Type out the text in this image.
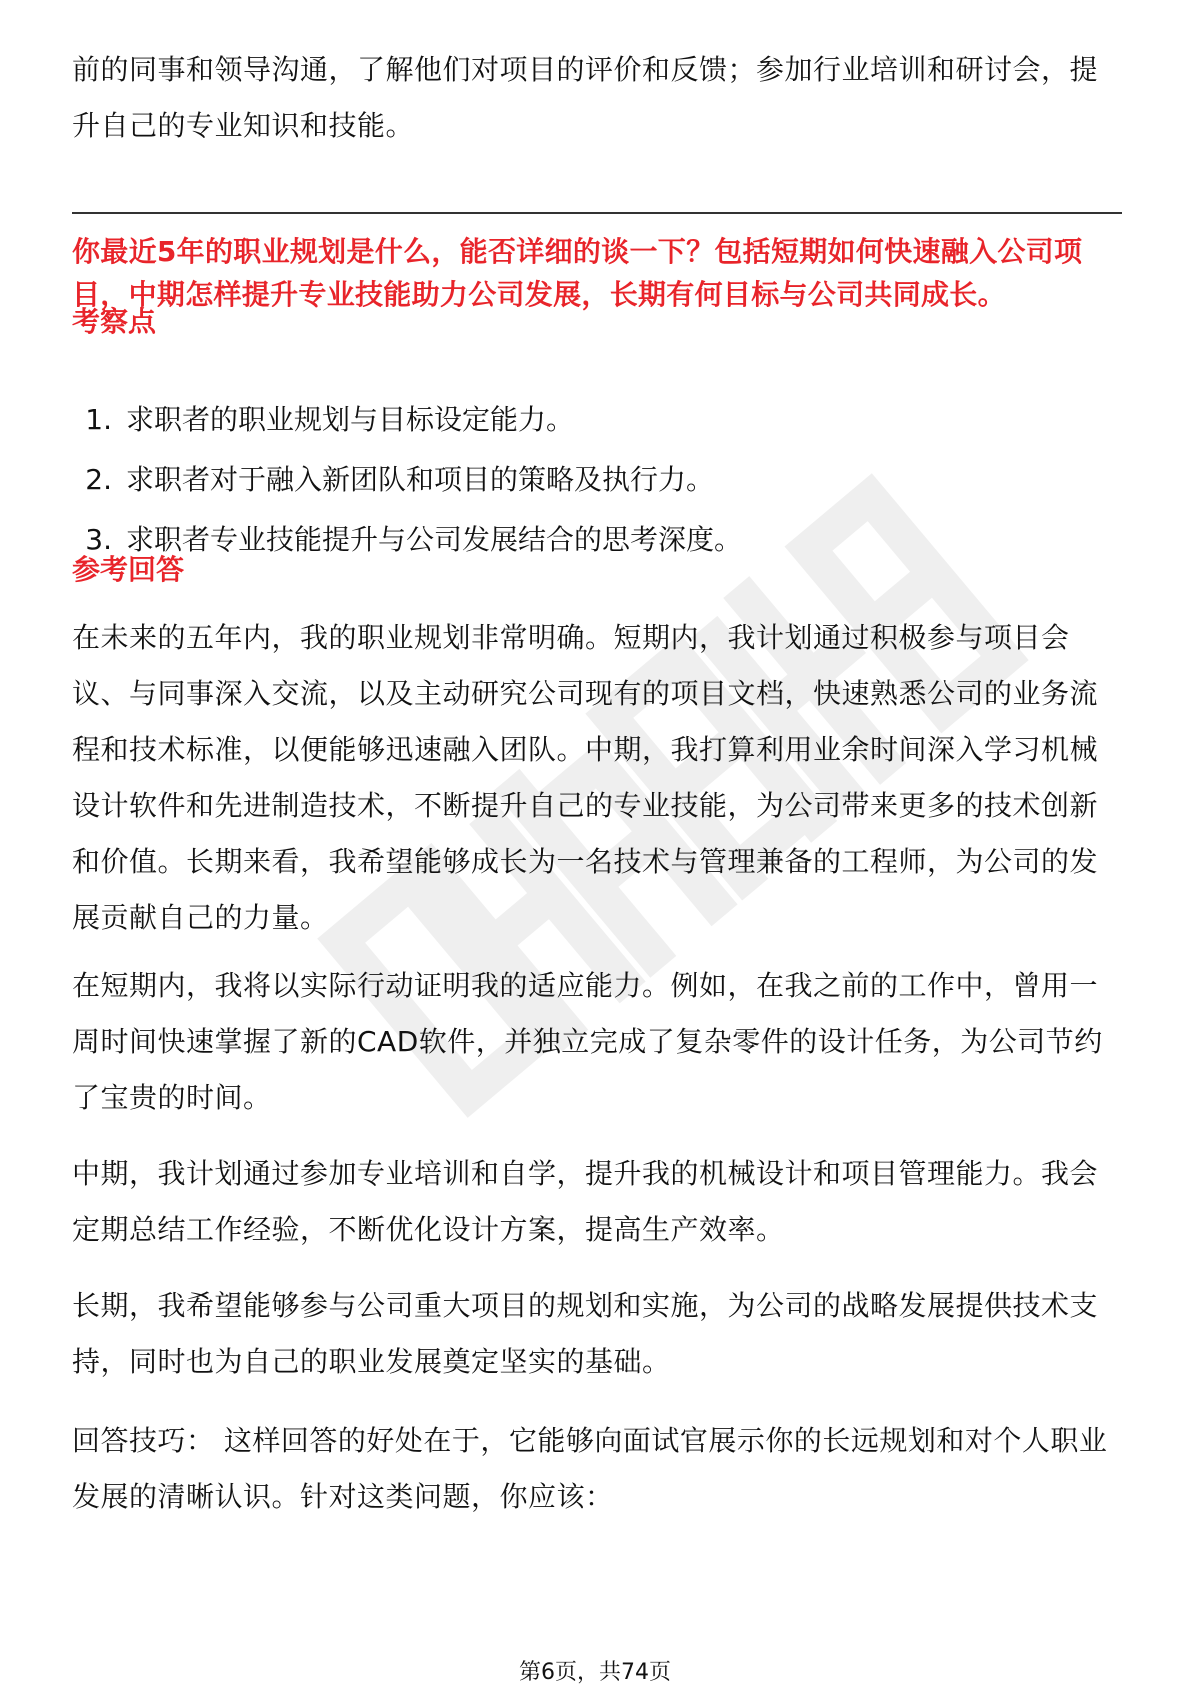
前的同事和领导沟通，了解他们对项目的评价和反馈；参加行业培训和研讨会，提升自己的专业知识和技能。

你最近5年的职业规划是什么，能否详细的谈一下？包括短期如何快速融入公司项目，中期怎样提升专业技能助力公司发展，长期有何目标与公司共同成长。

考察点
1. 求职者的职业规划与目标设定能力。
2. 求职者对于融入新团队和项目的策略及执行力。
3. 求职者专业技能提升与公司发展结合的思考深度。
参考回答

在未来的五年内，我的职业规划非常明确。短期内，我计划通过积极参与项目会议、与同事深入交流，以及主动研究公司现有的项目文档，快速熟悉公司的业务流程和技术标准，以便能够迅速融入团队。中期，我打算利用业余时间深入学习机械设计软件和先进制造技术，不断提升自己的专业技能，为公司带来更多的技术创新和价值。长期来看，我希望能够成长为一名技术与管理兼备的工程师，为公司的发展贡献自己的力量。

在短期内，我将以实际行动证明我的适应能力。例如，在我之前的工作中，曾用一周时间快速掌握了新的CAD软件，并独立完成了复杂零件的设计任务，为公司节约了宝贵的时间。

中期，我计划通过参加专业培训和自学，提升我的机械设计和项目管理能力。我会定期总结工作经验，不断优化设计方案，提高生产效率。

长期，我希望能够参与公司重大项目的规划和实施，为公司的战略发展提供技术支持，同时也为自己的职业发展奠定坚实的基础。

回答技巧： 这样回答的好处在于，它能够向面试官展示你的长远规划和对个人职业发展的清晰认识。针对这类问题，你应该：

第6页，共74页
